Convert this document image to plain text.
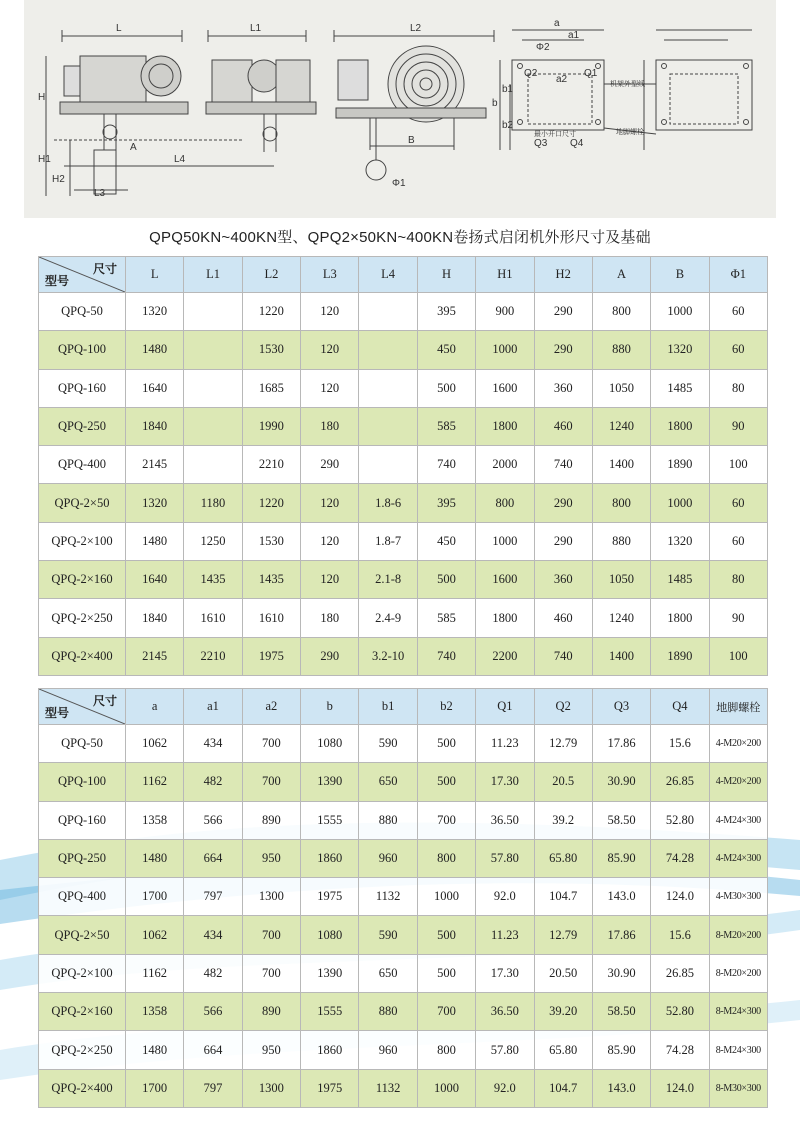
L	L1	L2
H
H1
H2
A
L4
L3
B
Φ1
a
a1
a2
b
b1
b2
Φ2
Q1
Q2
Q3 Q4
机架外型线
地脚螺栓
最小开口尺寸
QPQ50KN~400KN型、QPQ2×50KN~400KN卷扬式启闭机外形尺寸及基础
尺寸
型号	L	L1	L2	L3	L4	H	H1	H2	A	B	Φ1
QPQ-50	1320		1220	120		395	900	290	800	1000	60
QPQ-100	1480		1530	120		450	1000	290	880	1320	60
QPQ-160	1640		1685	120		500	1600	360	1050	1485	80
QPQ-250	1840		1990	180		585	1800	460	1240	1800	90
QPQ-400	2145		2210	290		740	2000	740	1400	1890	100
QPQ-2×50	1320	1180	1220	120	1.8-6	395	800	290	800	1000	60
QPQ-2×100	1480	1250	1530	120	1.8-7	450	1000	290	880	1320	60
QPQ-2×160	1640	1435	1435	120	2.1-8	500	1600	360	1050	1485	80
QPQ-2×250	1840	1610	1610	180	2.4-9	585	1800	460	1240	1800	90
QPQ-2×400	2145	2210	1975	290	3.2-10	740	2200	740	1400	1890	100
尺寸
型号	a	a1	a2	b	b1	b2	Q1	Q2	Q3	Q4	地脚螺栓
QPQ-50	1062	434	700	1080	590	500	11.23	12.79	17.86	15.6	4-M20×200
QPQ-100	1162	482	700	1390	650	500	17.30	20.5	30.90	26.85	4-M20×200
QPQ-160	1358	566	890	1555	880	700	36.50	39.2	58.50	52.80	4-M24×300
QPQ-250	1480	664	950	1860	960	800	57.80	65.80	85.90	74.28	4-M24×300
QPQ-400	1700	797	1300	1975	1132	1000	92.0	104.7	143.0	124.0	4-M30×300
QPQ-2×50	1062	434	700	1080	590	500	11.23	12.79	17.86	15.6	8-M20×200
QPQ-2×100	1162	482	700	1390	650	500	17.30	20.50	30.90	26.85	8-M20×200
QPQ-2×160	1358	566	890	1555	880	700	36.50	39.20	58.50	52.80	8-M24×300
QPQ-2×250	1480	664	950	1860	960	800	57.80	65.80	85.90	74.28	8-M24×300
QPQ-2×400	1700	797	1300	1975	1132	1000	92.0	104.7	143.0	124.0	8-M30×300
